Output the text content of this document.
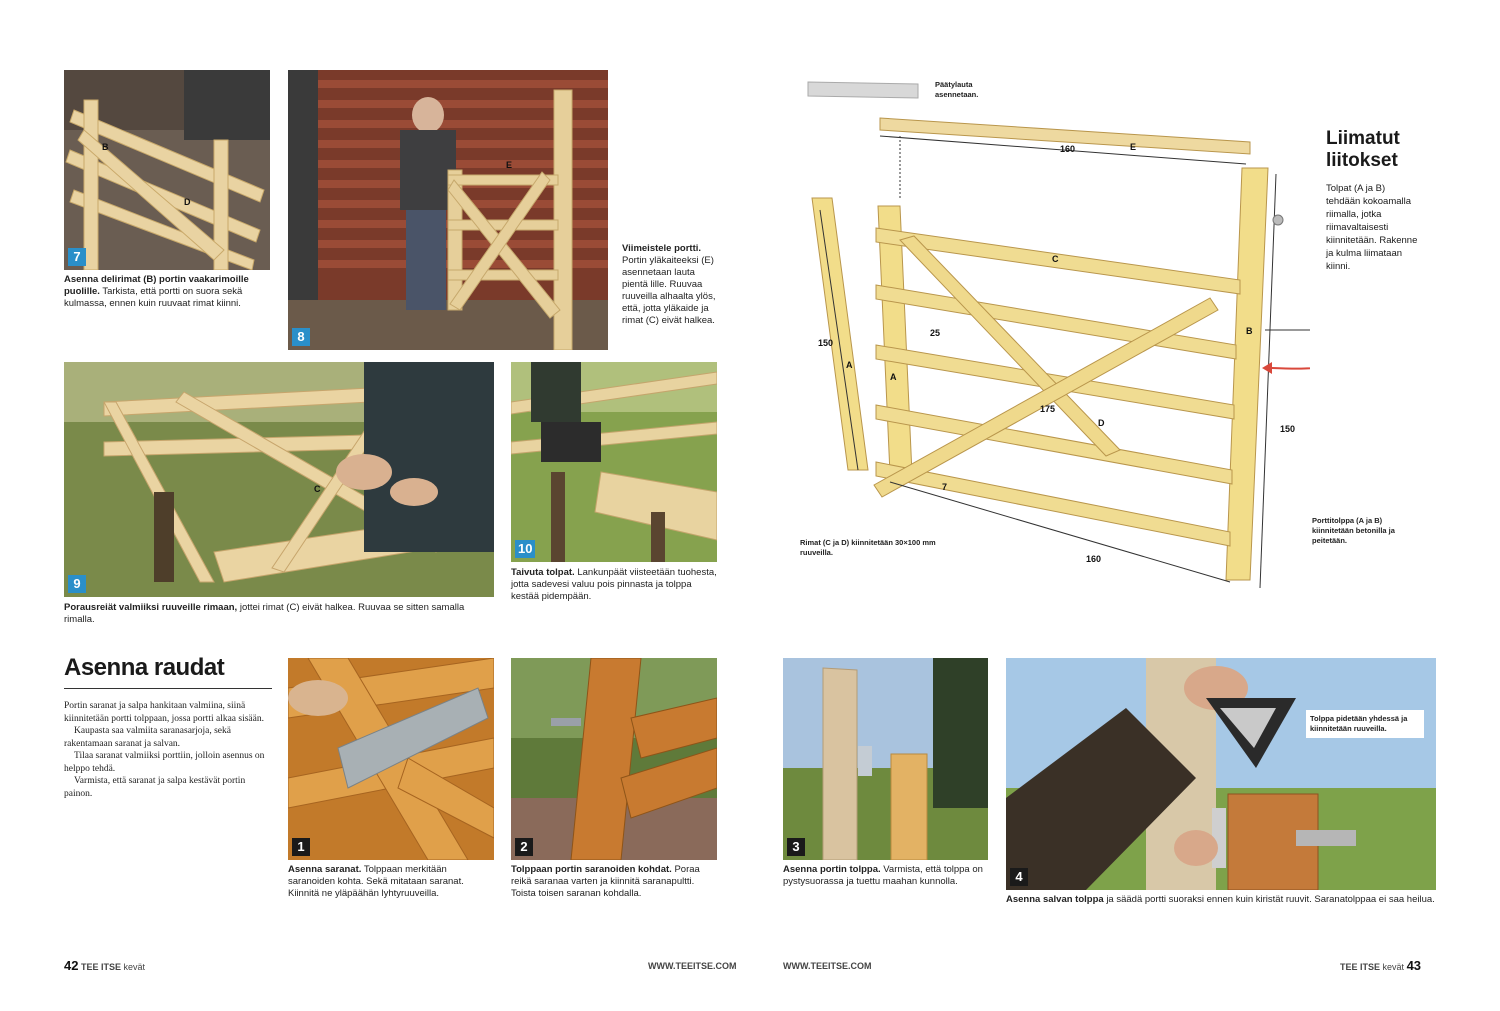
B
D
7
E
8
Asenna delirimat (B) portin vaakarimoille puolille. Tarkista, että portti on suora sekä kulmassa, ennen kuin ruuvaat rimat kiinni.
Viimeistele portti.
Portin yläkaiteeksi (E) asennetaan lauta pientä lille. Ruuvaa ruuveilla alhaalta ylös, että, jotta yläkaide ja rimat (C) eivät halkea.
C
9
10
Porausreiät valmiiksi ruuveille rimaan, jottei rimat (C) eivät halkea. Ruuvaa se sitten samalla rimalla.
Taivuta tolpat. Lankunpäät viisteetään tuohesta, jotta sadevesi valuu pois pinnasta ja tolppa kestää pidempään.
Asenna raudat

Portin saranat ja salpa hankitaan valmiina, siinä kiinnitetään portti tolppaan, jossa portti alkaa sisään.

Kaupasta saa valmiita saranasarjoja, sekä rakentamaan saranat ja salvan.

Tilaa saranat valmiiksi porttiin, jolloin asennus on helppo tehdä.

Varmista, että saranat ja salpa kestävät portin painon.

1	2
Asenna saranat. Tolppaan merkitään saranoiden kohta. Sekä mitataan saranat. Kiinnitä ne yläpäähän lyhtyruuveilla.
Tolppaan portin saranoiden kohdat. Poraa reikä saranaa varten ja kiinnitä saranapultti. Toista toisen saranan kohdalla.
42 TEE ITSE kevät	WWW.TEEITSE.COM
160	E
150
A
A
C
25
175
D
B
150
160
7
Päätylauta asennetaan.
Liimatut liitokset
Tolpat (A ja B) tehdään kokoamalla riimalla, jotka riimavaltaisesti kiinnitetään. Rakenne ja kulma liimataan kiinni.
Rimat (C ja D) kiinnitetään 30×100 mm ruuveilla.
Porttitolppa (A ja B) kiinnitetään betonilla ja peitetään.
3
4
Tolppa pidetään yhdessä ja kiinnitetään ruuveilla.
Asenna portin tolppa. Varmista, että tolppa on pystysuorassa ja tuettu maahan kunnolla.
Asenna salvan tolppa ja säädä portti suoraksi ennen kuin kiristät ruuvit. Saranatolppaa ei saa heilua.
WWW.TEEITSE.COM	TEE ITSE kevät 43
